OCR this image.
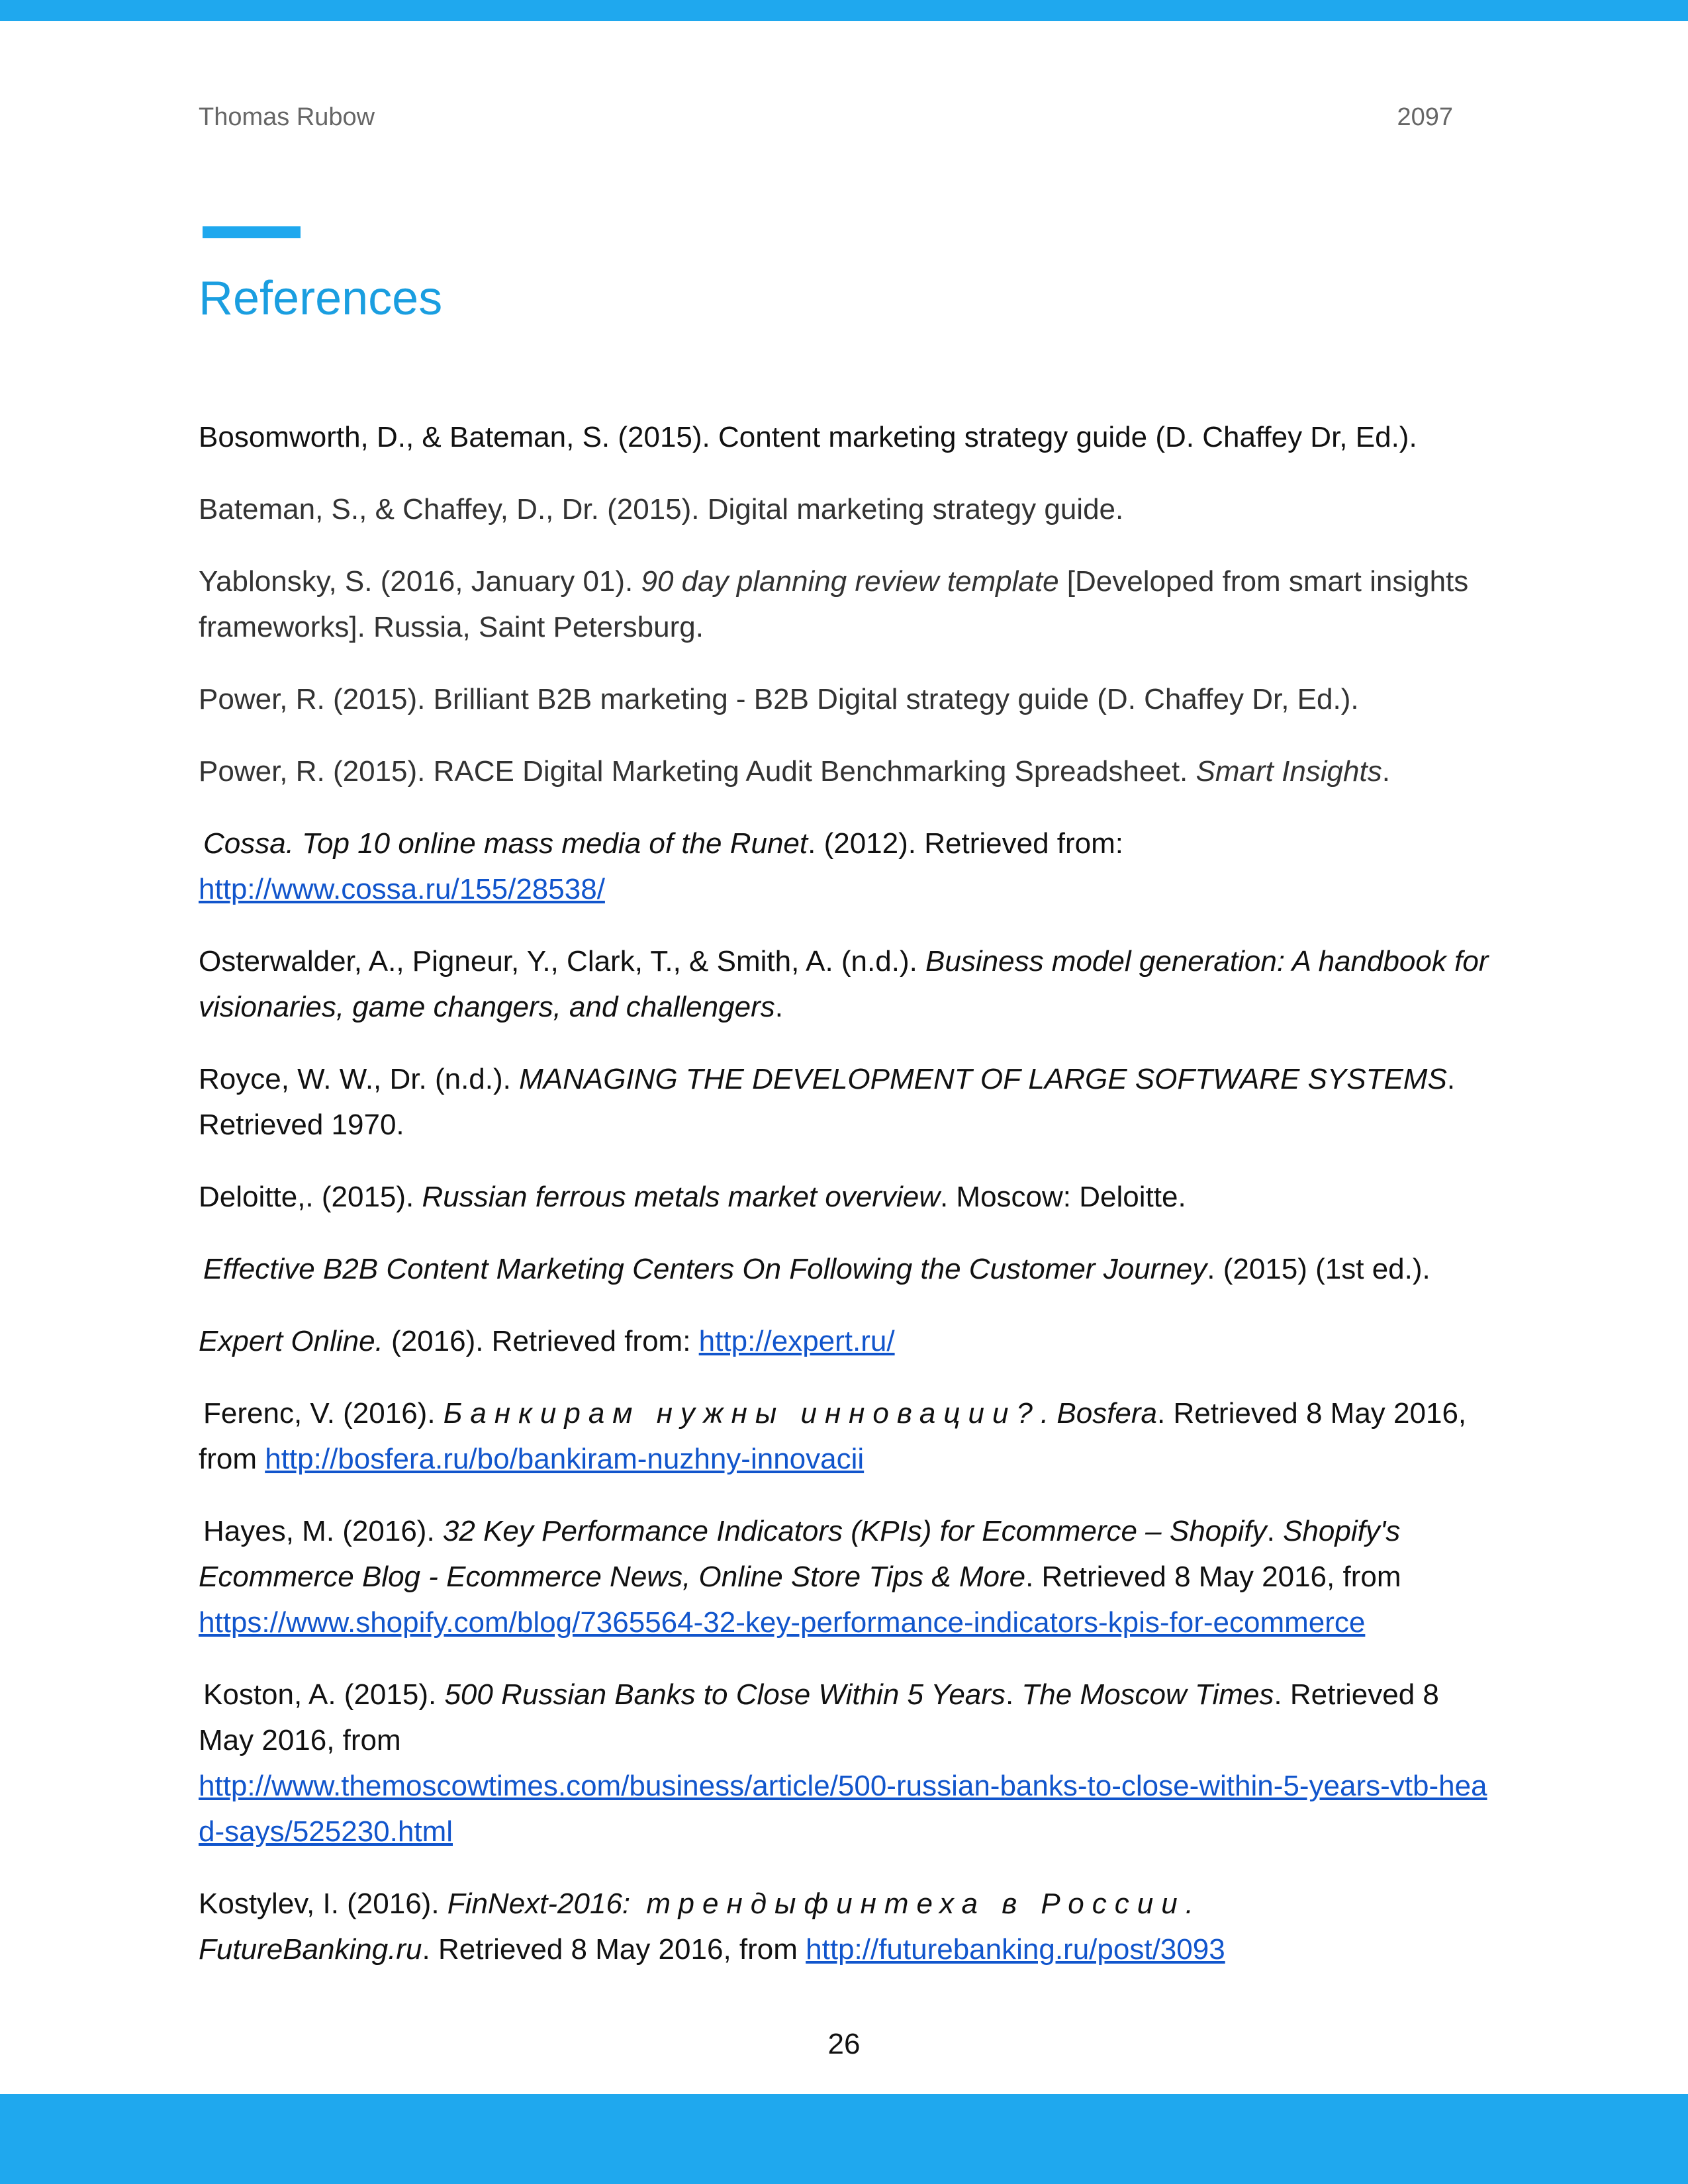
Thomas Rubow	2097
References

Bosomworth, D., & Bateman, S. (2015). Content marketing strategy guide (D. Chaffey Dr, Ed.).

Bateman, S., & Chaffey, D., Dr. (2015). Digital marketing strategy guide.

Yablonsky, S. (2016, January 01). 90 day planning review template [Developed from smart insights frameworks]. Russia, Saint Petersburg.

Power, R. (2015). Brilliant B2B marketing - B2B Digital strategy guide (D. Chaffey Dr, Ed.).

Power, R. (2015). RACE Digital Marketing Audit Benchmarking Spreadsheet. Smart Insights.

Cossa. Top 10 online mass media of the Runet. (2012). Retrieved from: http://www.cossa.ru/155/28538/

Osterwalder, A., Pigneur, Y., Clark, T., & Smith, A. (n.d.). Business model generation: A handbook for visionaries, game changers, and challengers.

Royce, W. W., Dr. (n.d.). MANAGING THE DEVELOPMENT OF LARGE SOFTWARE SYSTEMS. Retrieved 1970.

Deloitte,. (2015). Russian ferrous metals market overview. Moscow: Deloitte.

Effective B2B Content Marketing Centers On Following the Customer Journey. (2015) (1st ed.).

Expert Online. (2016). Retrieved from: http://expert.ru/

Ferenc, V. (2016). Банкирам нужны инновации?. Bosfera. Retrieved 8 May 2016, from http://bosfera.ru/bo/bankiram-nuzhny-innovacii

Hayes, M. (2016). 32 Key Performance Indicators (KPIs) for Ecommerce – Shopify. Shopify's Ecommerce Blog - Ecommerce News, Online Store Tips & More. Retrieved 8 May 2016, from https://www.shopify.com/blog/7365564-32-key-performance-indicators-kpis-for-ecommerce

Koston, A. (2015). 500 Russian Banks to Close Within 5 Years. The Moscow Times. Retrieved 8 May 2016, from
http://www.themoscowtimes.com/business/article/500-russian-banks-to-close-within-5-years-vtb-head-says/525230.html

Kostylev, I. (2016). FinNext-2016: трендыфинтеха в России.
FutureBanking.ru. Retrieved 8 May 2016, from http://futurebanking.ru/post/3093

26
